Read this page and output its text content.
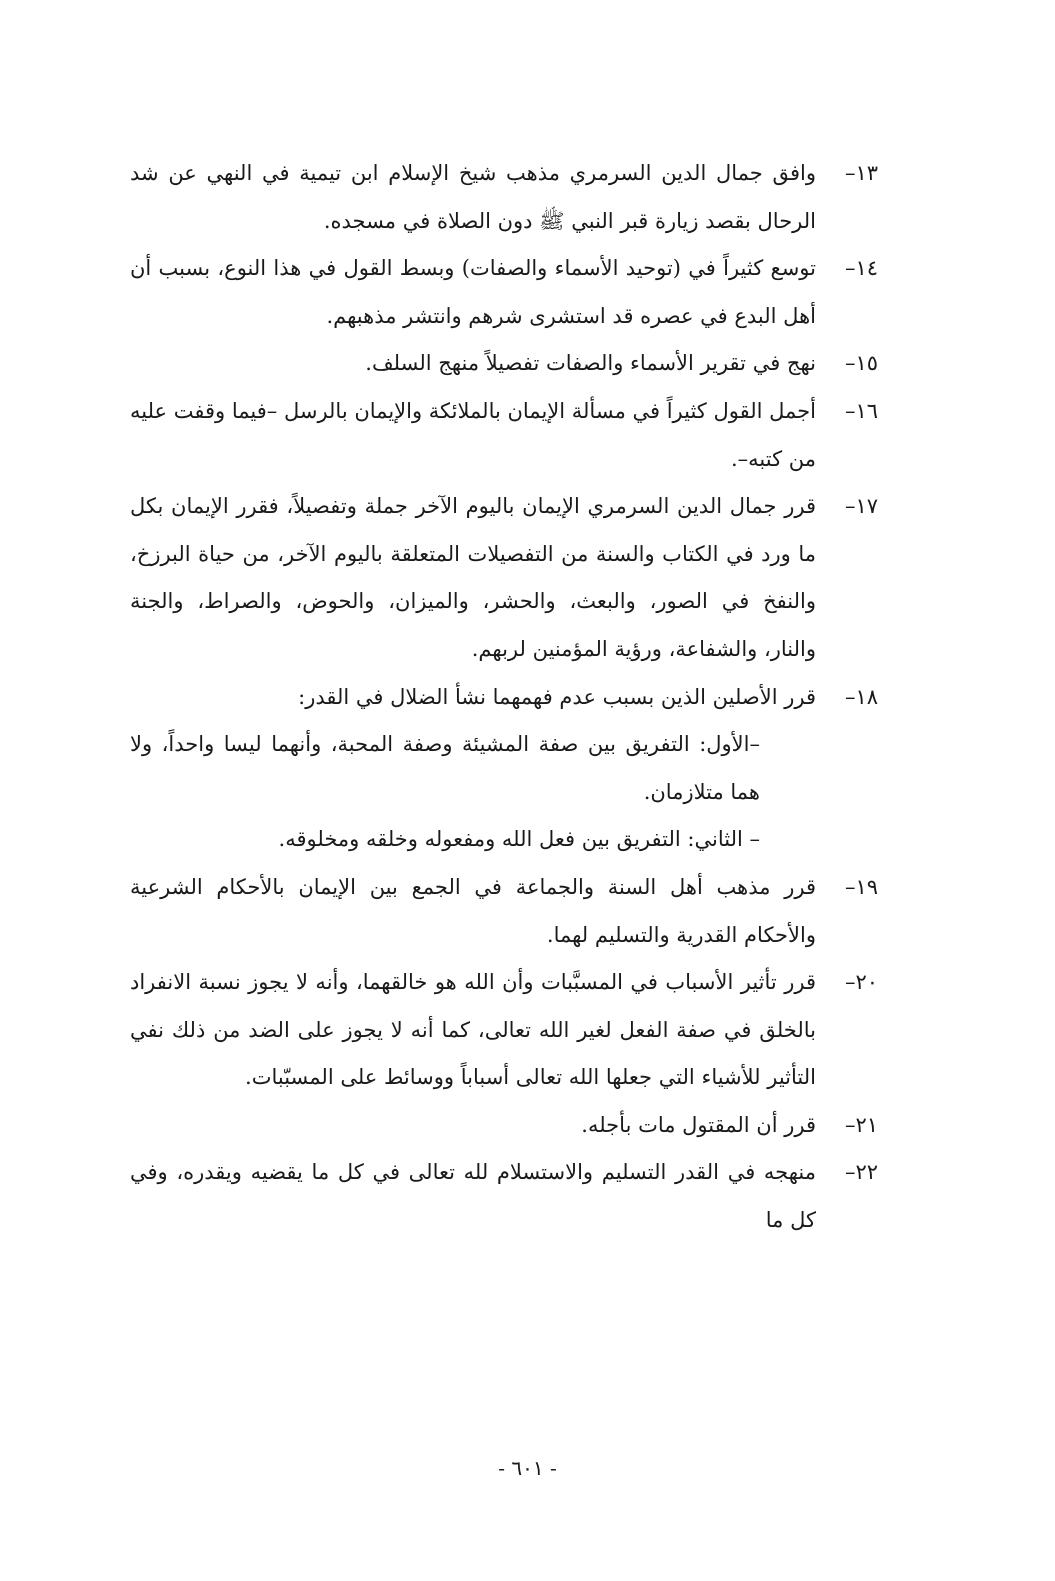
١٣–
وافق جمال الدين السرمري مذهب شيخ الإسلام ابن تيمية في النهي عن شد الرحال بقصد زيارة قبر النبي ﷺ دون الصلاة في مسجده.
١٤–
توسع كثيراً في (توحيد الأسماء والصفات) وبسط القول في هذا النوع، بسبب أن أهل البدع في عصره قد استشرى شرهم وانتشر مذهبهم.
١٥–
نهج في تقرير الأسماء والصفات تفصيلاً منهج السلف.
١٦–
أجمل القول كثيراً في مسألة الإيمان بالملائكة والإيمان بالرسل –فيما وقفت عليه من كتبه–.
١٧–
قرر جمال الدين السرمري الإيمان باليوم الآخر جملة وتفصيلاً، فقرر الإيمان بكل ما ورد في الكتاب والسنة من التفصيلات المتعلقة باليوم الآخر، من حياة البرزخ، والنفخ في الصور، والبعث، والحشر، والميزان، والحوض، والصراط، والجنة والنار، والشفاعة، ورؤية المؤمنين لربهم.
١٨–
قرر الأصلين الذين بسبب عدم فهمهما نشأ الضلال في القدر:
–الأول: التفريق بين صفة المشيئة وصفة المحبة، وأنهما ليسا واحداً، ولا هما متلازمان.
– الثاني: التفريق بين فعل الله ومفعوله وخلقه ومخلوقه.
١٩–
قرر مذهب أهل السنة والجماعة في الجمع بين الإيمان بالأحكام الشرعية والأحكام القدرية والتسليم لهما.
٢٠–
قرر تأثير الأسباب في المسبَّبات وأن الله هو خالقهما، وأنه لا يجوز نسبة الانفراد بالخلق في صفة الفعل لغير الله تعالى، كما أنه لا يجوز على الضد من ذلك نفي التأثير للأشياء التي جعلها الله تعالى أسباباً ووسائط على المسبّبات.
٢١–
قرر أن المقتول مات بأجله.
٢٢–
منهجه في القدر التسليم والاستسلام لله تعالى في كل ما يقضيه ويقدره، وفي كل ما
- ٦٠١ -
